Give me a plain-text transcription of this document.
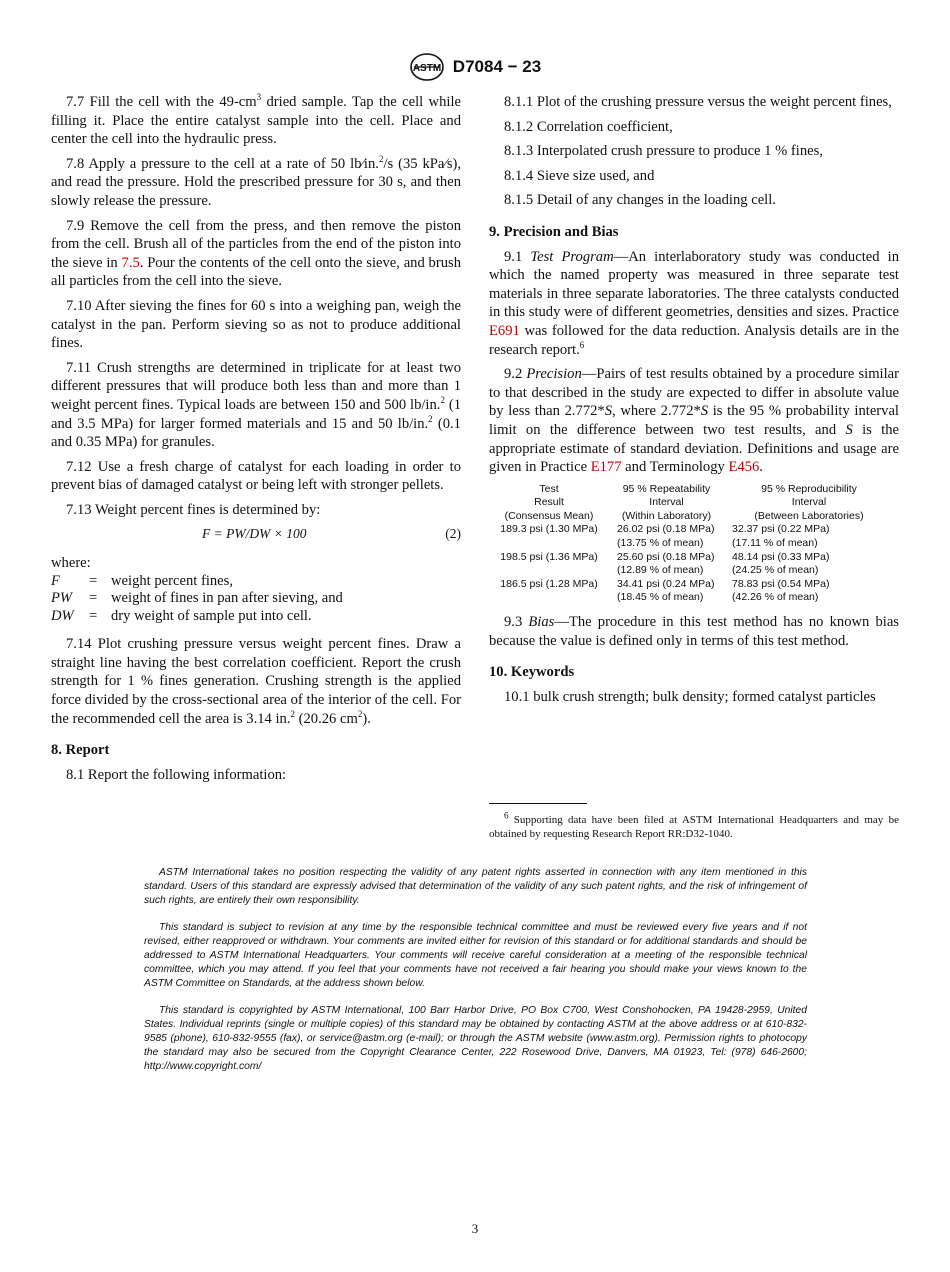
ASTM D7084 − 23

7.7 Fill the cell with the $49-cm^3$ dried sample. Tap the cell while filling it. Place the entire catalyst sample into the cell. Place and center the cell into the hydraulic press.

7.8 Apply a pressure to the cell at a rate of 50 lb⁄in.$^2$/s (35 kPa⁄s), and read the pressure. Hold the prescribed pressure for 30 s, and then slowly release the pressure.

7.9 Remove the cell from the press, and then remove the piston from the cell. Brush all of the particles from the end of the piston into the sieve in 7.5. Pour the contents of the cell onto the sieve, and brush all particles from the cell into the sieve.

7.10 After sieving the fines for 60 s into a weighing pan, weigh the catalyst in the pan. Perform sieving so as not to produce additional fines.

7.11 Crush strengths are determined in triplicate for at least two different pressures that will produce both less than and more than 1 weight percent fines. Typical loads are between 150 and 500 lb/in.$^2$ (1 and 3.5 MPa) for larger formed materials and 15 and 50 lb/in.$^2$ (0.1 and 0.35 MPa) for granules.

7.12 Use a fresh charge of catalyst for each loading in order to prevent bias of damaged catalyst or being left with stronger pellets.

7.13 Weight percent fines is determined by:

F = PW/DW × 100	(2)

where:

F	= weight percent fines,
PW	= weight of fines in pan after sieving, and
DW	= dry weight of sample put into cell.

7.14 Plot crushing pressure versus weight percent fines. Draw a straight line having the best correlation coefficient. Report the crush strength for 1 % fines generation. Crushing strength is the applied force divided by the cross-sectional area of the interior of the cell. For the recommended cell the area is 3.14 in.$^2$ (20.26 $cm^2$).

8. Report

8.1 Report the following information:

8.1.1 Plot of the crushing pressure versus the weight percent fines,

8.1.2 Correlation coefficient,

8.1.3 Interpolated crush pressure to produce 1 % fines,

8.1.4 Sieve size used, and

8.1.5 Detail of any changes in the loading cell.

9. Precision and Bias

9.1 Test Program—An interlaboratory study was conducted in which the named property was measured in three separate test materials in three separate laboratories. The three catalysts conducted in this study were of different geometries, densities and sizes. Practice E691 was followed for the data reduction. Analysis details are in the research report.$^6$

9.2 Precision—Pairs of test results obtained by a procedure similar to that described in the study are expected to differ in absolute value by less than 2.772*S, where 2.772*S is the 95 % probability interval limit on the difference between two test results, and S is the appropriate estimate of standard deviation. Definitions and usage are given in Practice E177 and Terminology E456.

Test	95 % Repeatability	95 % Reproducibility
Result	Interval	Interval
(Consensus Mean)	(Within Laboratory)	(Between Laboratories)
189.3 psi (1.30 MPa)	26.02 psi (0.18 MPa)	32.37 psi (0.22 MPa)
	(13.75 % of mean)	(17.11 % of mean)
198.5 psi (1.36 MPa)	25.60 psi (0.18 MPa)	48.14 psi (0.33 MPa)
	(12.89 % of mean)	(24.25 % of mean)
186.5 psi (1.28 MPa)	34.41 psi (0.24 MPa)	78.83 psi (0.54 MPa)
	(18.45 % of mean)	(42.26 % of mean)

9.3 Bias—The procedure in this test method has no known bias because the value is defined only in terms of this test method.

10. Keywords

10.1 bulk crush strength; bulk density; formed catalyst particles

$^6$ Supporting data have been filed at ASTM International Headquarters and may be obtained by requesting Research Report RR:D32-1040.

ASTM International takes no position respecting the validity of any patent rights asserted in connection with any item mentioned in this standard. Users of this standard are expressly advised that determination of the validity of any such patent rights, and the risk of infringement of such rights, are entirely their own responsibility.

This standard is subject to revision at any time by the responsible technical committee and must be reviewed every five years and if not revised, either reapproved or withdrawn. Your comments are invited either for revision of this standard or for additional standards and should be addressed to ASTM International Headquarters. Your comments will receive careful consideration at a meeting of the responsible technical committee, which you may attend. If you feel that your comments have not received a fair hearing you should make your views known to the ASTM Committee on Standards, at the address shown below.

This standard is copyrighted by ASTM International, 100 Barr Harbor Drive, PO Box C700, West Conshohocken, PA 19428-2959, United States. Individual reprints (single or multiple copies) of this standard may be obtained by contacting ASTM at the above address or at 610-832-9585 (phone), 610-832-9555 (fax), or service@astm.org (e-mail); or through the ASTM website (www.astm.org). Permission rights to photocopy the standard may also be secured from the Copyright Clearance Center, 222 Rosewood Drive, Danvers, MA 01923, Tel: (978) 646-2600; http://www.copyright.com/

3
